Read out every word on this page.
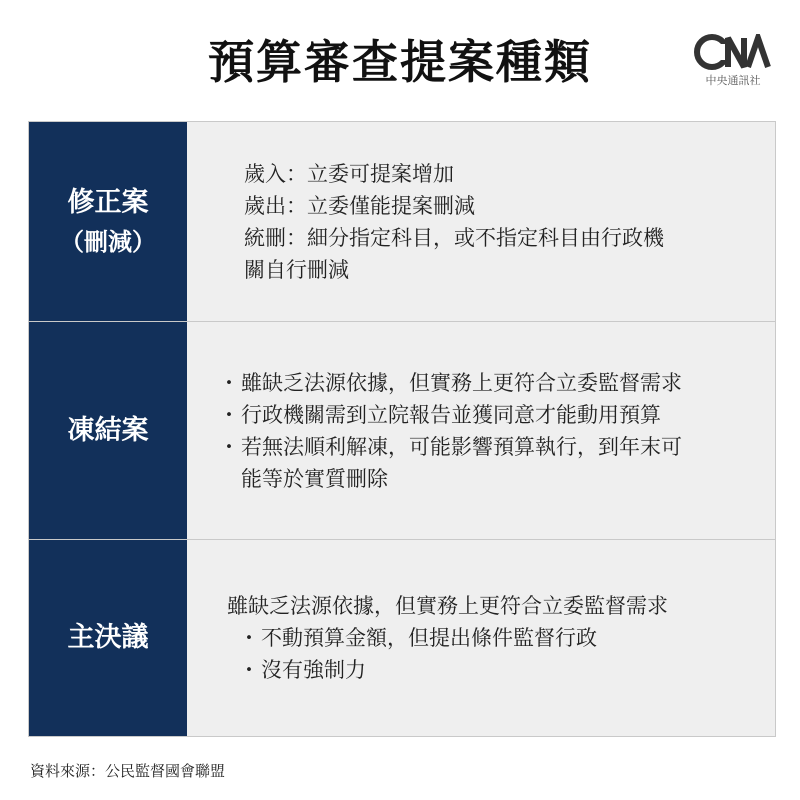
預算審查提案種類	中央通訊社
修正案
（刪減）
歲入：立委可提案增加
歲出：立委僅能提案刪減
統刪：細分指定科目，或不指定科目由行政機
關自行刪減
凍結案
・ 雖缺乏法源依據，但實務上更符合立委監督需求
・ 行政機關需到立院報告並獲同意才能動用預算
・ 若無法順利解凍，可能影響預算執行，到年末可
能等於實質刪除
主決議
雖缺乏法源依據，但實務上更符合立委監督需求
・ 不動預算金額，但提出條件監督行政
・ 沒有強制力
資料來源：公民監督國會聯盟
